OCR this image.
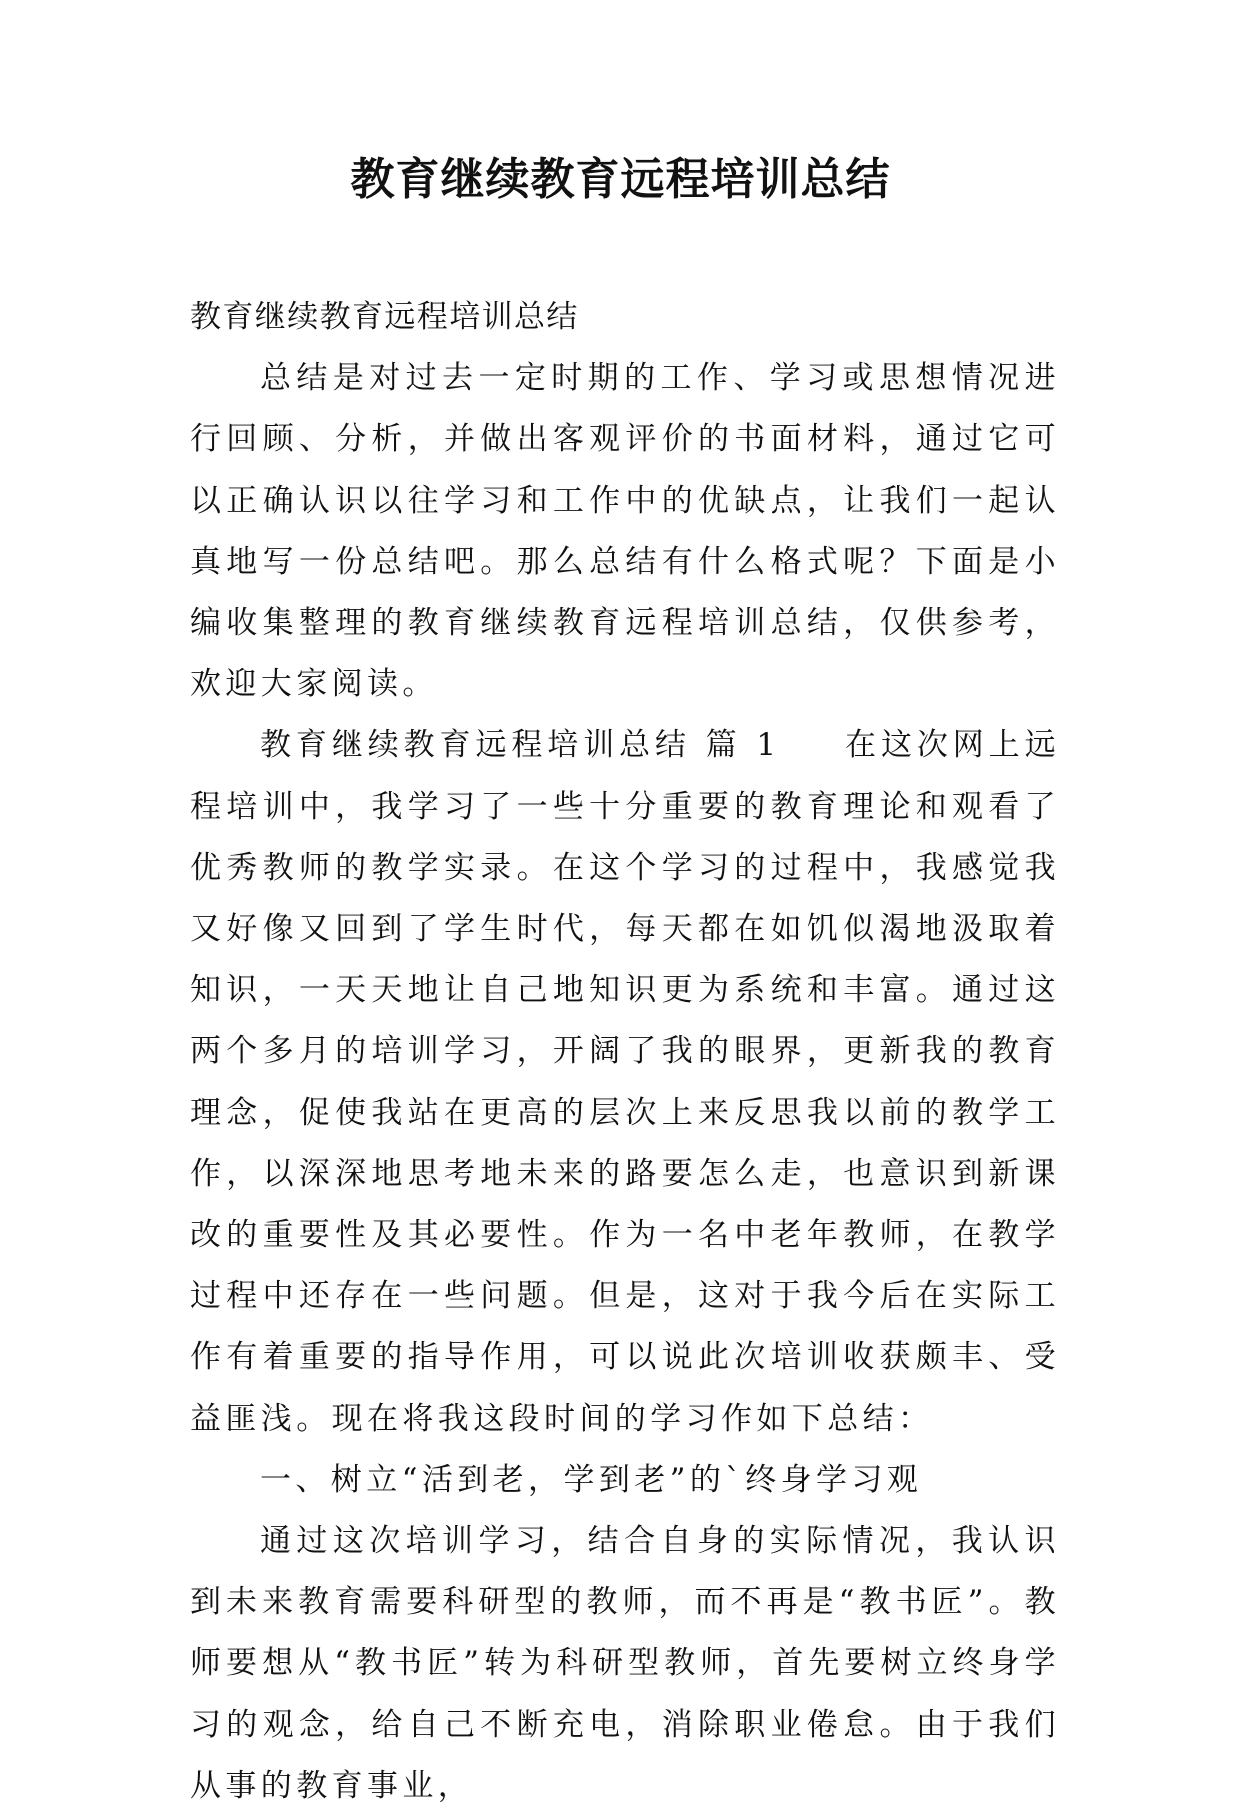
教育继续教育远程培训总结

教育继续教育远程培训总结

总结是对过去一定时期的工作、学习或思想情况进行回顾、分析，并做出客观评价的书面材料，通过它可以正确认识以往学习和工作中的优缺点，让我们一起认真地写一份总结吧。那么总结有什么格式呢？下面是小编收集整理的教育继续教育远程培训总结，仅供参考，欢迎大家阅读。

教育继续教育远程培训总结 篇 1 在这次网上远程培训中，我学习了一些十分重要的教育理论和观看了优秀教师的教学实录。在这个学习的过程中，我感觉我又好像又回到了学生时代，每天都在如饥似渴地汲取着知识，一天天地让自己地知识更为系统和丰富。通过这两个多月的培训学习，开阔了我的眼界，更新我的教育理念，促使我站在更高的层次上来反思我以前的教学工作，以深深地思考地未来的路要怎么走，也意识到新课改的重要性及其必要性。作为一名中老年教师，在教学过程中还存在一些问题。但是，这对于我今后在实际工作有着重要的指导作用，可以说此次培训收获颇丰、受益匪浅。现在将我这段时间的学习作如下总结：

一、树立“活到老，学到老”的`终身学习观

通过这次培训学习，结合自身的实际情况，我认识到未来教育需要科研型的教师，而不再是“教书匠”。教师要想从“教书匠”转为科研型教师，首先要树立终身学习的观念，给自己不断充电，消除职业倦怠。由于我们从事的教育事业，
